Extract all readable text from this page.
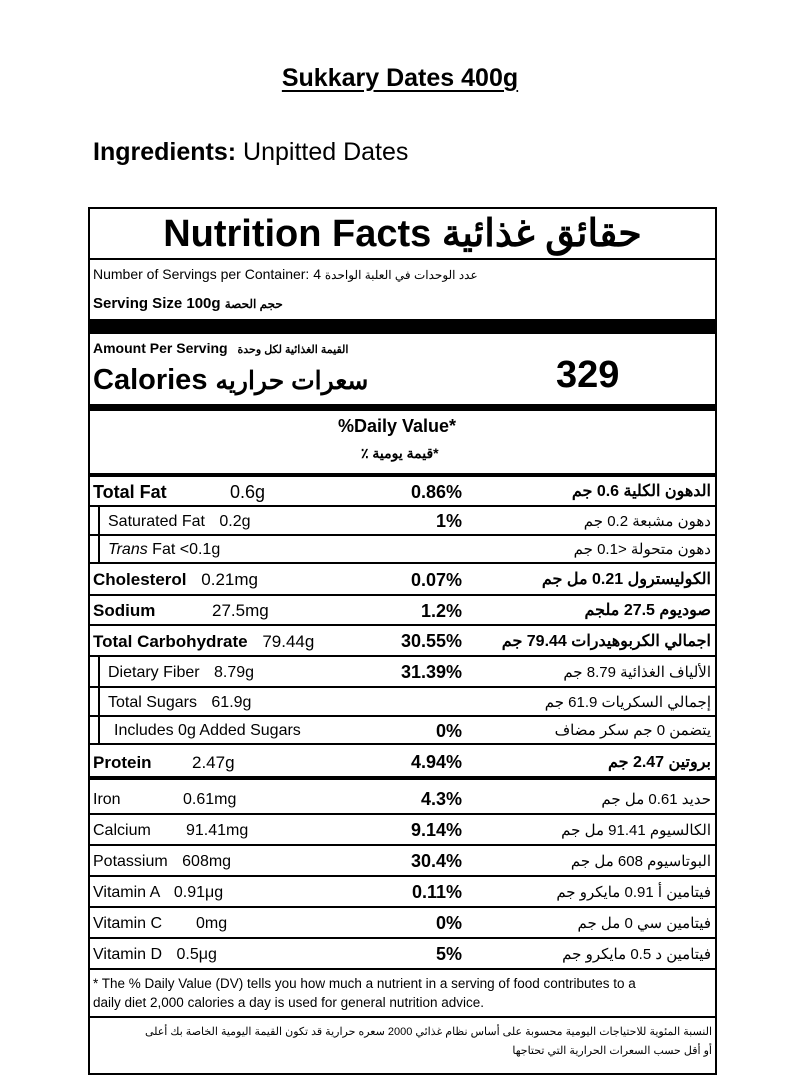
Sukkary Dates 400g
Ingredients: Unpitted Dates
Nutrition Facts حقائق غذائية
Number of Servings per Container: 4 عدد الوحدات في العلبة الواحدة
Serving Size 100g حجم الحصة
Amount Per Serving القيمة الغذائية لكل وحدة
Calories سعرات حراريه	329
%Daily Value*
*قيمة يومية ٪
Total Fat	0.6g	0.86%	الدهون الكلية 0.6 جم
Saturated Fat 0.2g	1%	دهون مشبعة 0.2 جم
Trans Fat <0.1g	دهون متحولة <0.1 جم
Cholesterol 0.21mg	0.07%	الكوليسترول 0.21 مل جم
Sodium	27.5mg	1.2%	صوديوم 27.5 ملجم
Total Carbohydrate 79.44g	30.55% اجمالي الكربوهيدرات 79.44 جم
Dietary Fiber 8.79g	31.39%	الألياف الغذائية 8.79 جم
Total Sugars 61.9g	إجمالي السكريات 61.9 جم
Includes 0g Added Sugars	0%	يتضمن 0 جم سكر مضاف
Protein 2.47g	4.94%	بروتين 2.47 جم
Iron	0.61mg	4.3%	حديد 0.61 مل جم
Calcium 91.41mg	9.14%	الكالسيوم 91.41 مل جم
Potassium 608mg	30.4%	البوتاسيوم 608 مل جم
Vitamin A 0.91μg	0.11%	فيتامين أ 0.91 مايكرو جم
Vitamin C 0mg	0%	فيتامين سي 0 مل جم
Vitamin D 0.5μg	5%	فيتامين د 0.5 مايكرو جم
* The % Daily Value (DV) tells you how much a nutrient in a serving of food contributes to a
daily diet 2,000 calories a day is used for general nutrition advice.
النسبة المئوية للاحتياجات اليومية محسوبة على أساس نظام غذائي 2000 سعره حرارية قد تكون القيمة اليومية الخاصة بك أعلى
أو أقل حسب السعرات الحرارية التي تحتاجها
